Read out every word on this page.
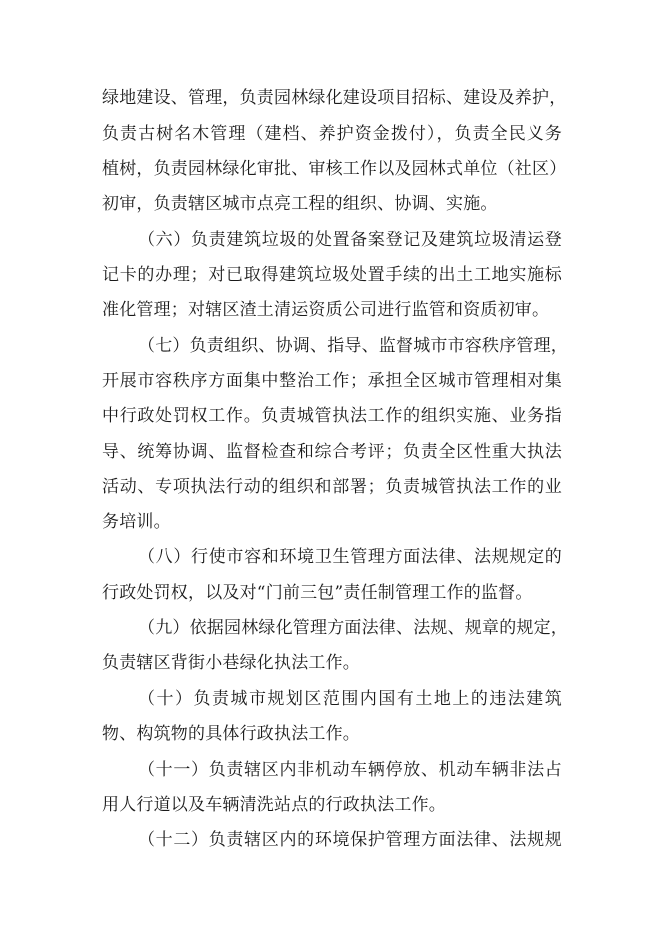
绿地建设、管理，负责园林绿化建设项目招标、建设及养护，
负责古树名木管理（建档、养护资金拨付），负责全民义务
植树，负责园林绿化审批、审核工作以及园林式单位（社区）
初审，负责辖区城市点亮工程的组织、协调、实施。
（六）负责建筑垃圾的处置备案登记及建筑垃圾清运登
记卡的办理；对已取得建筑垃圾处置手续的出土工地实施标
准化管理；对辖区渣土清运资质公司进行监管和资质初审。
（七）负责组织、协调、指导、监督城市市容秩序管理，
开展市容秩序方面集中整治工作；承担全区城市管理相对集
中行政处罚权工作。负责城管执法工作的组织实施、业务指
导、统筹协调、监督检查和综合考评；负责全区性重大执法
活动、专项执法行动的组织和部署；负责城管执法工作的业
务培训。
（八）行使市容和环境卫生管理方面法律、法规规定的
行政处罚权，以及对“门前三包”责任制管理工作的监督。
（九）依据园林绿化管理方面法律、法规、规章的规定，
负责辖区背街小巷绿化执法工作。
（十）负责城市规划区范围内国有土地上的违法建筑
物、构筑物的具体行政执法工作。
（十一）负责辖区内非机动车辆停放、机动车辆非法占
用人行道以及车辆清洗站点的行政执法工作。
（十二）负责辖区内的环境保护管理方面法律、法规规
